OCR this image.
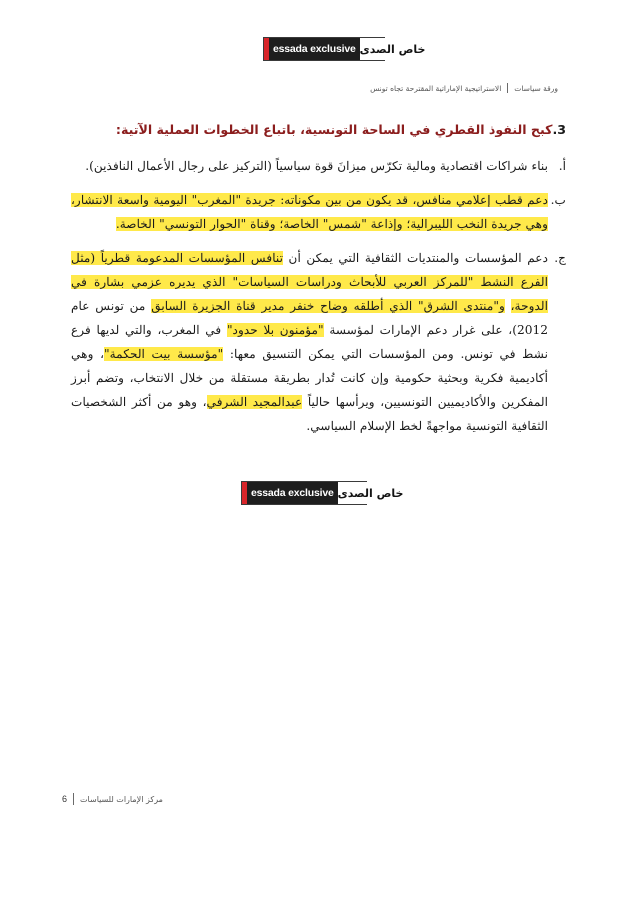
essada exclusive خاص الصدى
ورقة سياسات
الاستراتيجية الإماراتية المقترحة تجاه تونس
3.كبح النفوذ القطري في الساحة التونسية، باتباع الخطوات العملية الآتية:
أ.
بناء شراكات اقتصادية ومالية تكرّس ميزانَ قوة سياسياً (التركيز على رجال الأعمال النافذين).
ب.
دعم قطب إعلامي منافس، قد يكون من بين مكوناته: جريدة "المغرب" اليومية واسعة الانتشار، وهي جريدة النخب الليبرالية؛ وإذاعة "شمس" الخاصة؛ وقناة "الحوار التونسي" الخاصة.
ج.
دعم المؤسسات والمنتديات الثقافية التي يمكن أن تنافس المؤسسات المدعومة قطرياً (مثل الفرع النشط "للمركز العربي للأبحاث ودراسات السياسات" الذي يديره عزمي بشارة في الدوحة، و"منتدى الشرق" الذي أطلقه وضاح خنفر مدير قناة الجزيرة السابق من تونس عام 2012)، على غرار دعم الإمارات لمؤسسة "مؤمنون بلا حدود" في المغرب، والتي لديها فرع نشط في تونس. ومن المؤسسات التي يمكن التنسيق معها: "مؤسسة بيت الحكمة"، وهي أكاديمية فكرية وبحثية حكومية وإن كانت تُدار بطريقة مستقلة من خلال الانتخاب، وتضم أبرز المفكرين والأكاديميين التونسيين، ويرأسها حالياً عبدالمجيد الشرفي، وهو من أكثر الشخصيات الثقافية التونسية مواجهةً لخط الإسلام السياسي.
essada exclusive خاص الصدى
مركز الإمارات للسياسات
6
